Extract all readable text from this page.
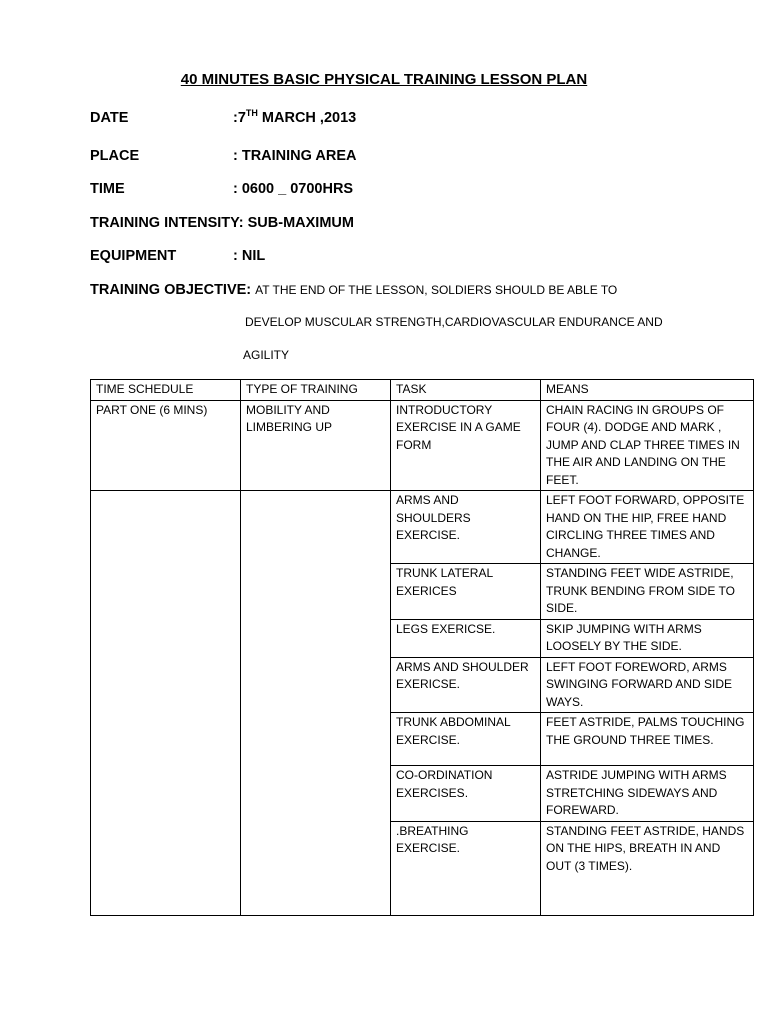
40 MINUTES BASIC PHYSICAL TRAINING LESSON PLAN
DATE	:7TH MARCH ,2013
PLACE	: TRAINING AREA
TIME	: 0600 _ 0700HRS
TRAINING INTENSITY: SUB-MAXIMUM
EQUIPMENT	: NIL
TRAINING OBJECTIVE: AT THE END OF THE LESSON, SOLDIERS SHOULD BE ABLE TO
DEVELOP MUSCULAR STRENGTH,CARDIOVASCULAR ENDURANCE AND
AGILITY
TIME SCHEDULE	TYPE OF TRAINING	TASK	MEANS
PART ONE (6 MINS)	MOBILITY AND LIMBERING UP	INTRODUCTORY EXERCISE IN A GAME FORM	CHAIN RACING IN GROUPS OF FOUR (4). DODGE AND MARK , JUMP AND CLAP THREE TIMES IN THE AIR AND LANDING ON THE FEET.
		ARMS AND SHOULDERS EXERCISE.	LEFT FOOT FORWARD, OPPOSITE HAND ON THE HIP, FREE HAND CIRCLING THREE TIMES AND CHANGE.
		TRUNK LATERAL EXERICES	STANDING FEET WIDE ASTRIDE, TRUNK BENDING FROM SIDE TO SIDE.
		LEGS EXERICSE.	SKIP JUMPING WITH ARMS LOOSELY BY THE SIDE.
		ARMS AND SHOULDER EXERICSE.	LEFT FOOT FOREWORD, ARMS SWINGING FORWARD AND SIDE WAYS.
		TRUNK ABDOMINAL EXERCISE.	FEET ASTRIDE, PALMS TOUCHING THE GROUND THREE TIMES.
		CO-ORDINATION EXERCISES.	ASTRIDE JUMPING WITH ARMS STRETCHING SIDEWAYS AND FOREWARD.
		.BREATHING EXERCISE.	STANDING FEET ASTRIDE, HANDS ON THE HIPS, BREATH IN AND OUT (3 TIMES).
